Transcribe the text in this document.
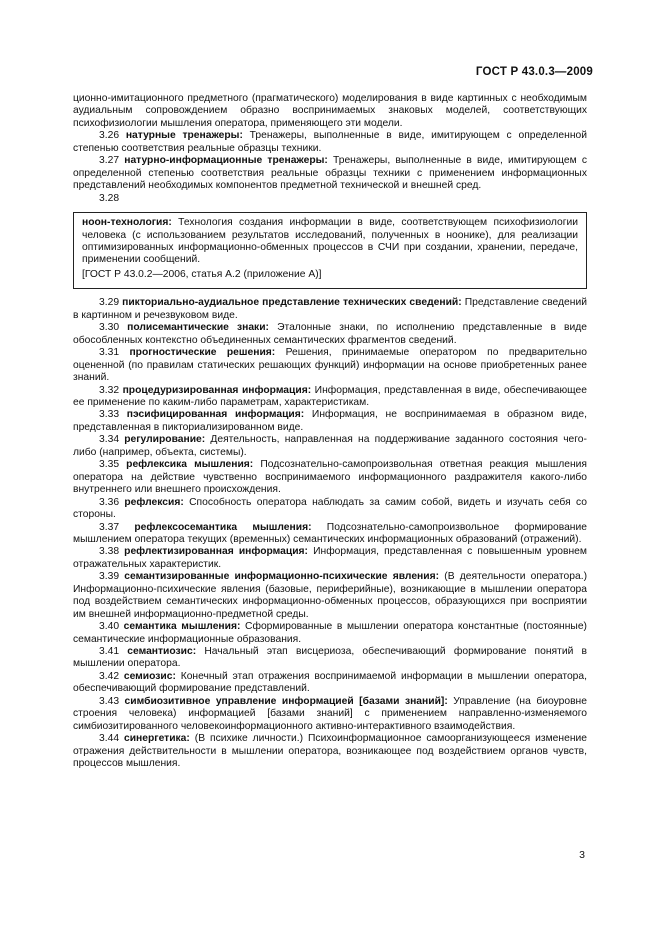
ГОСТ Р 43.0.3—2009

ционно-имитационного предметного (прагматического) моделирования в виде картинных с необходимым аудиальным сопровождением образно воспринимаемых знаковых моделей, соответствующих психофизиологии мышления оператора, применяющего эти модели.

3.26 натурные тренажеры: Тренажеры, выполненные в виде, имитирующем с определенной степенью соответствия реальные образцы техники.

3.27 натурно-информационные тренажеры: Тренажеры, выполненные в виде, имитирующем с определенной степенью соответствия реальные образцы техники с применением информационных представлений необходимых компонентов предметной технической и внешней сред.

3.28

ноон-технология: Технология создания информации в виде, соответствующем психофизиологии человека (с использованием результатов исследований, полученных в ноонике), для реализации оптимизированных информационно-обменных процессов в СЧИ при создании, хранении, передаче, применении сообщений.

[ГОСТ Р 43.0.2—2006, статья А.2 (приложение А)]

3.29 пикториально-аудиальное представление технических сведений: Представление сведений в картинном и речезвуковом виде.

3.30 полисемантические знаки: Эталонные знаки, по исполнению представленные в виде обособленных контекстно объединенных семантических фрагментов сведений.

3.31 прогностические решения: Решения, принимаемые оператором по предварительно оцененной (по правилам статических решающих функций) информации на основе приобретенных ранее знаний.

3.32 процедуризированная информация: Информация, представленная в виде, обеспечивающее ее применение по каким-либо параметрам, характеристикам.

3.33 пэсифицированная информация: Информация, не воспринимаемая в образном виде, представленная в пикториализированном виде.

3.34 регулирование: Деятельность, направленная на поддерживание заданного состояния чего-либо (например, объекта, системы).

3.35 рефлексика мышления: Подсознательно-самопроизвольная ответная реакция мышления оператора на действие чувственно воспринимаемого информационного раздражителя какого-либо внутреннего или внешнего происхождения.

3.36 рефлексия: Способность оператора наблюдать за самим собой, видеть и изучать себя со стороны.

3.37 рефлексосемантика мышления: Подсознательно-самопроизвольное формирование мышлением оператора текущих (временных) семантических информационных образований (отражений).

3.38 рефлектизированная информация: Информация, представленная с повышенным уровнем отражательных характеристик.

3.39 семантизированные информационно-психические явления: (В деятельности оператора.) Информационно-психические явления (базовые, периферийные), возникающие в мышлении оператора под воздействием семантических информационно-обменных процессов, образующихся при восприятии им внешней информационно-предметной среды.

3.40 семантика мышления: Сформированные в мышлении оператора константные (постоянные) семантические информационные образования.

3.41 семантиозис: Начальный этап висцериоза, обеспечивающий формирование понятий в мышлении оператора.

3.42 семиозис: Конечный этап отражения воспринимаемой информации в мышлении оператора, обеспечивающий формирование представлений.

3.43 симбиозитивное управление информацией [базами знаний]: Управление (на биоуровне строения человека) информацией [базами знаний] с применением направленно-изменяемого симбиозитированного человекоинформационного активно-интерактивного взаимодействия.

3.44 синергетика: (В психике личности.) Психоинформационное самоорганизующееся изменение отражения действительности в мышлении оператора, возникающее под воздействием органов чувств, процессов мышления.

3
